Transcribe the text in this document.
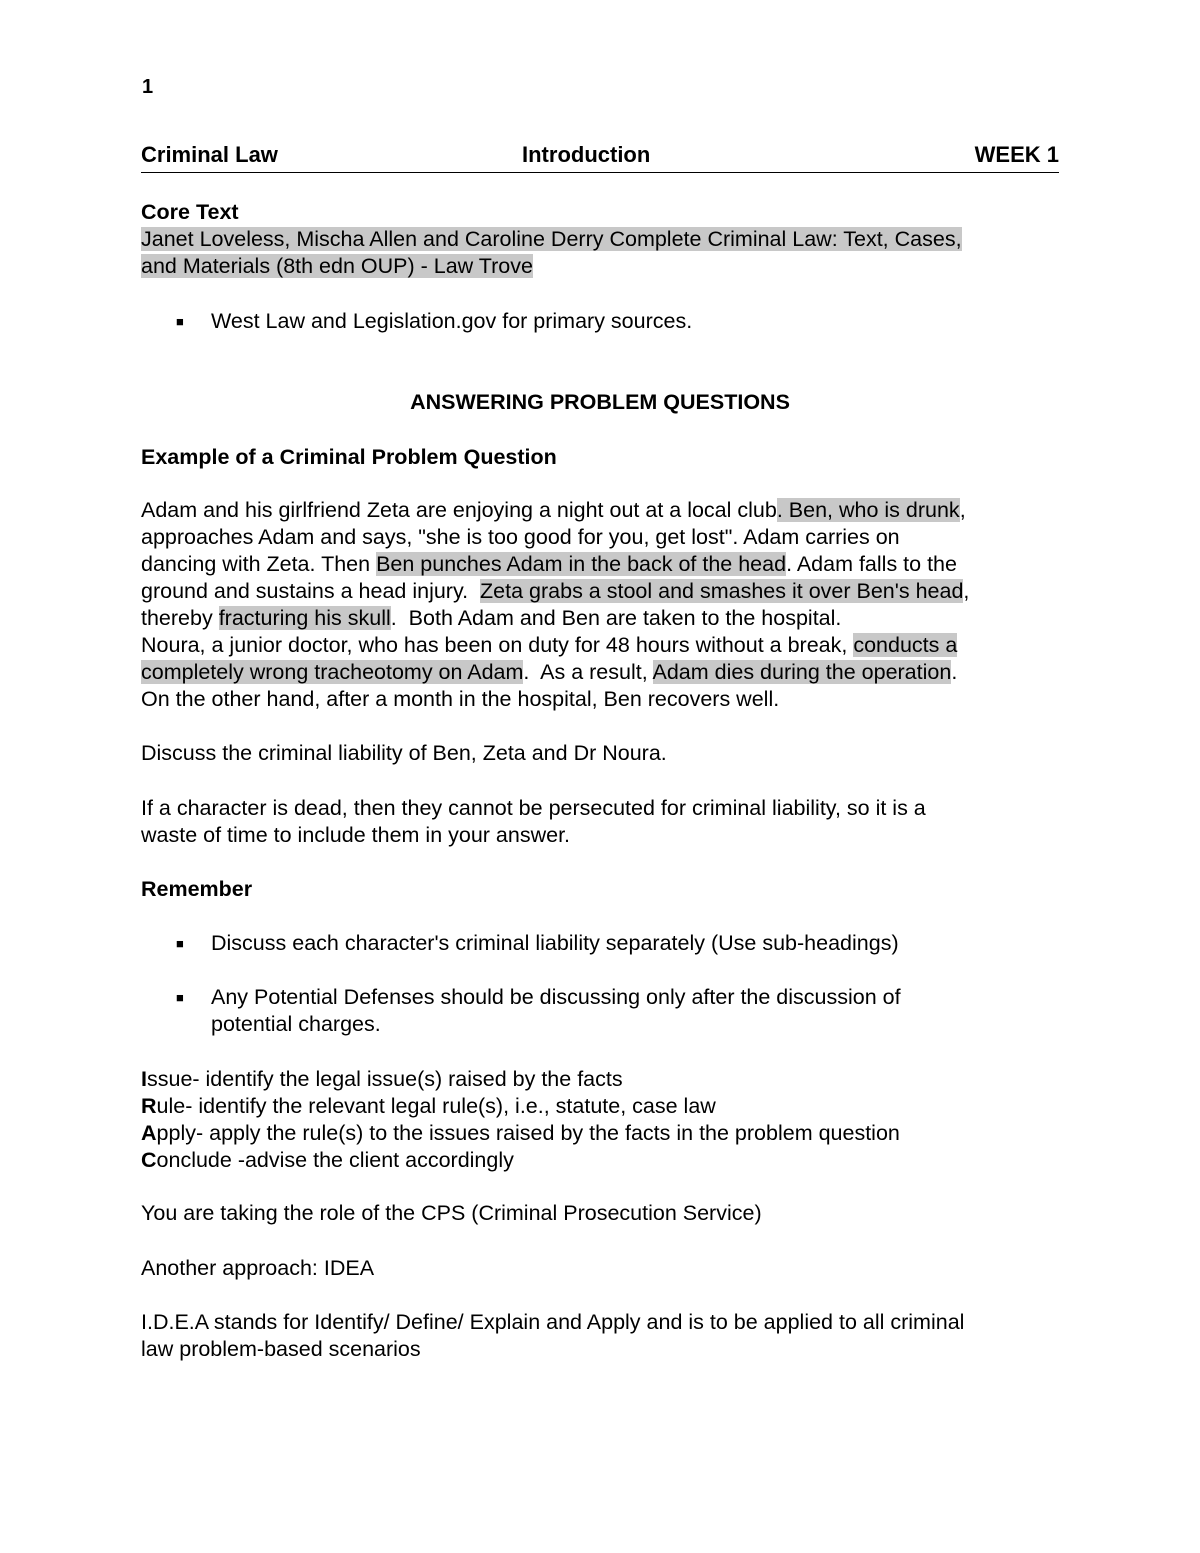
1
Criminal Law	Introduction	WEEK 1
Core Text
Janet Loveless, Mischa Allen and Caroline Derry Complete Criminal Law: Text, Cases,
and Materials (8th edn OUP) - Law Trove
■ West Law and Legislation.gov for primary sources.
ANSWERING PROBLEM QUESTIONS
Example of a Criminal Problem Question
Adam and his girlfriend Zeta are enjoying a night out at a local club. Ben, who is drunk,
approaches Adam and says, "she is too good for you, get lost". Adam carries on
dancing with Zeta. Then Ben punches Adam in the back of the head. Adam falls to the
ground and sustains a head injury.  Zeta grabs a stool and smashes it over Ben's head,
thereby fracturing his skull.  Both Adam and Ben are taken to the hospital.
Noura, a junior doctor, who has been on duty for 48 hours without a break, conducts a
completely wrong tracheotomy on Adam.  As a result, Adam dies during the operation.
On the other hand, after a month in the hospital, Ben recovers well.
Discuss the criminal liability of Ben, Zeta and Dr Noura.
If a character is dead, then they cannot be persecuted for criminal liability, so it is a
waste of time to include them in your answer.
Remember
■ Discuss each character's criminal liability separately (Use sub-headings)
■ Any Potential Defenses should be discussing only after the discussion of
potential charges.
Issue- identify the legal issue(s) raised by the facts
Rule- identify the relevant legal rule(s), i.e., statute, case law
Apply- apply the rule(s) to the issues raised by the facts in the problem question
Conclude -advise the client accordingly
You are taking the role of the CPS (Criminal Prosecution Service)
Another approach: IDEA
I.D.E.A stands for Identify/ Define/ Explain and Apply and is to be applied to all criminal
law problem-based scenarios
